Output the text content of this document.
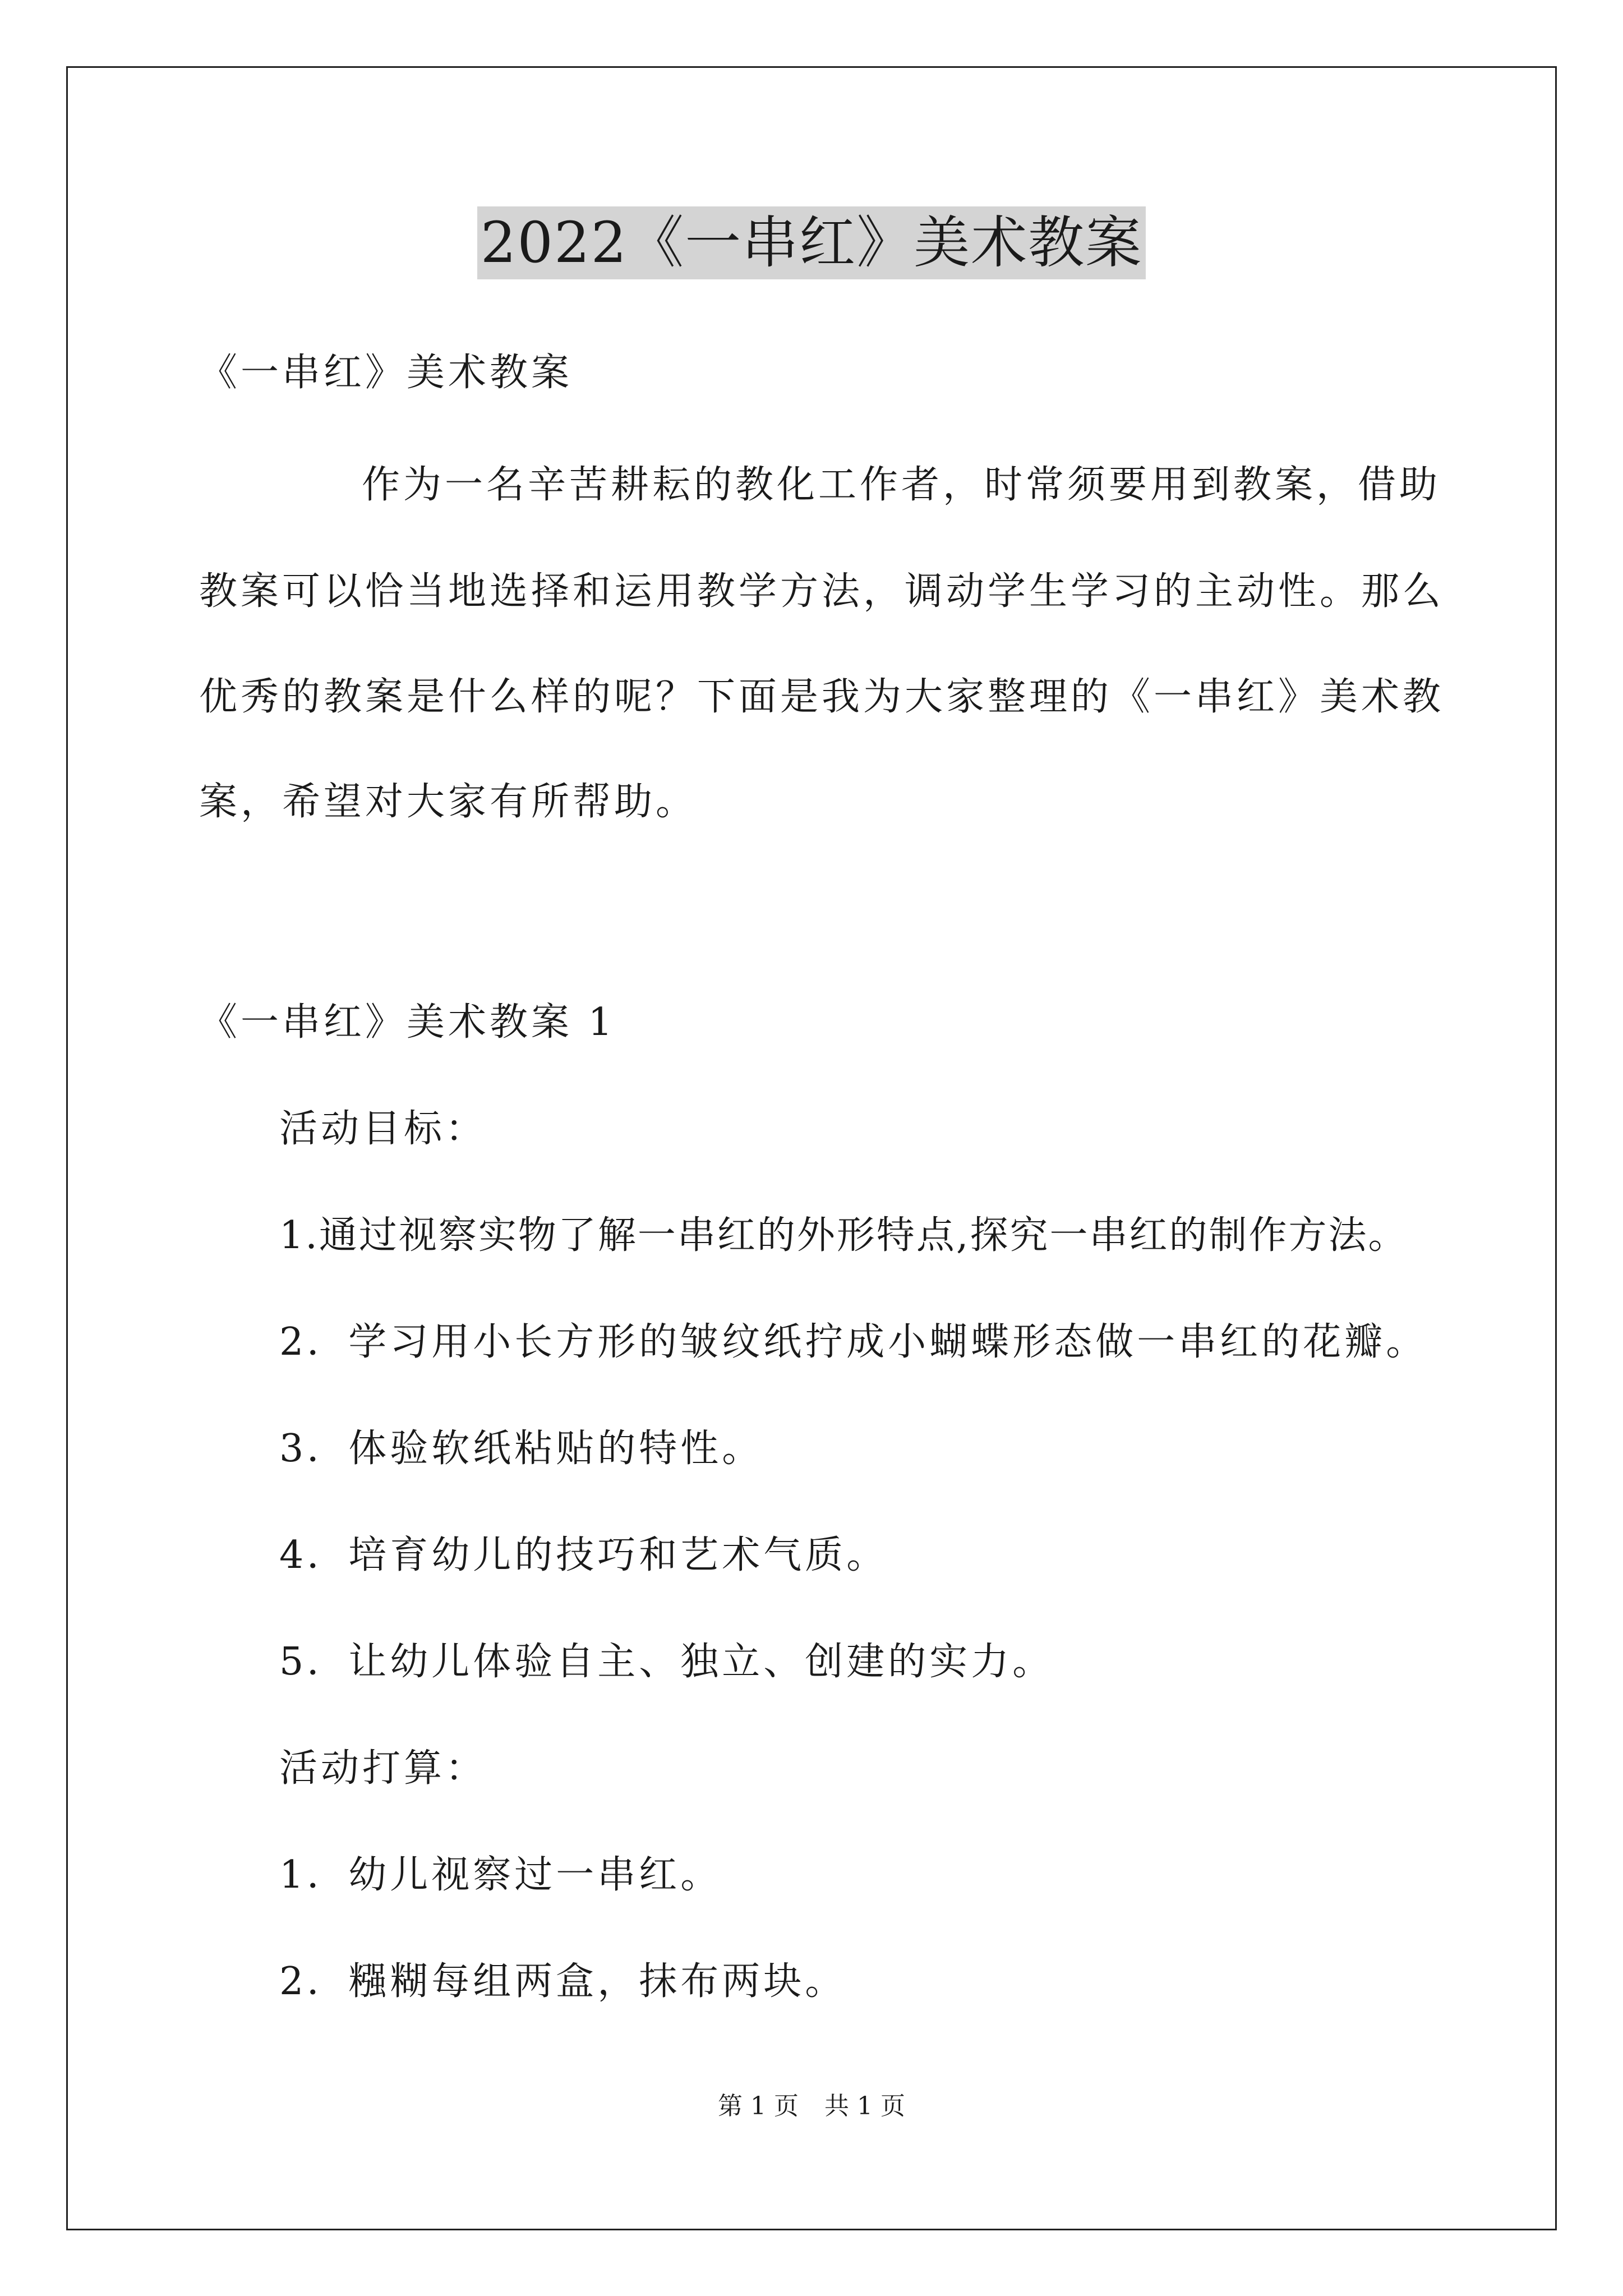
2022《一串红》美术教案
《一串红》美术教案
作为一名辛苦耕耘的教化工作者，时常须要用到教案，借助
教案可以恰当地选择和运用教学方法，调动学生学习的主动性。那么
优秀的教案是什么样的呢？下面是我为大家整理的《一串红》美术教
案，希望对大家有所帮助。
《一串红》美术教案 1
活动目标：
1.通过视察实物了解一串红的外形特点,探究一串红的制作方法。
2．学习用小长方形的皱纹纸拧成小蝴蝶形态做一串红的花瓣。
3．体验软纸粘贴的特性。
4．培育幼儿的技巧和艺术气质。
5．让幼儿体验自主、独立、创建的实力。
活动打算：
1．幼儿视察过一串红。
2．糨糊每组两盒，抹布两块。
第 1 页 共 1 页
